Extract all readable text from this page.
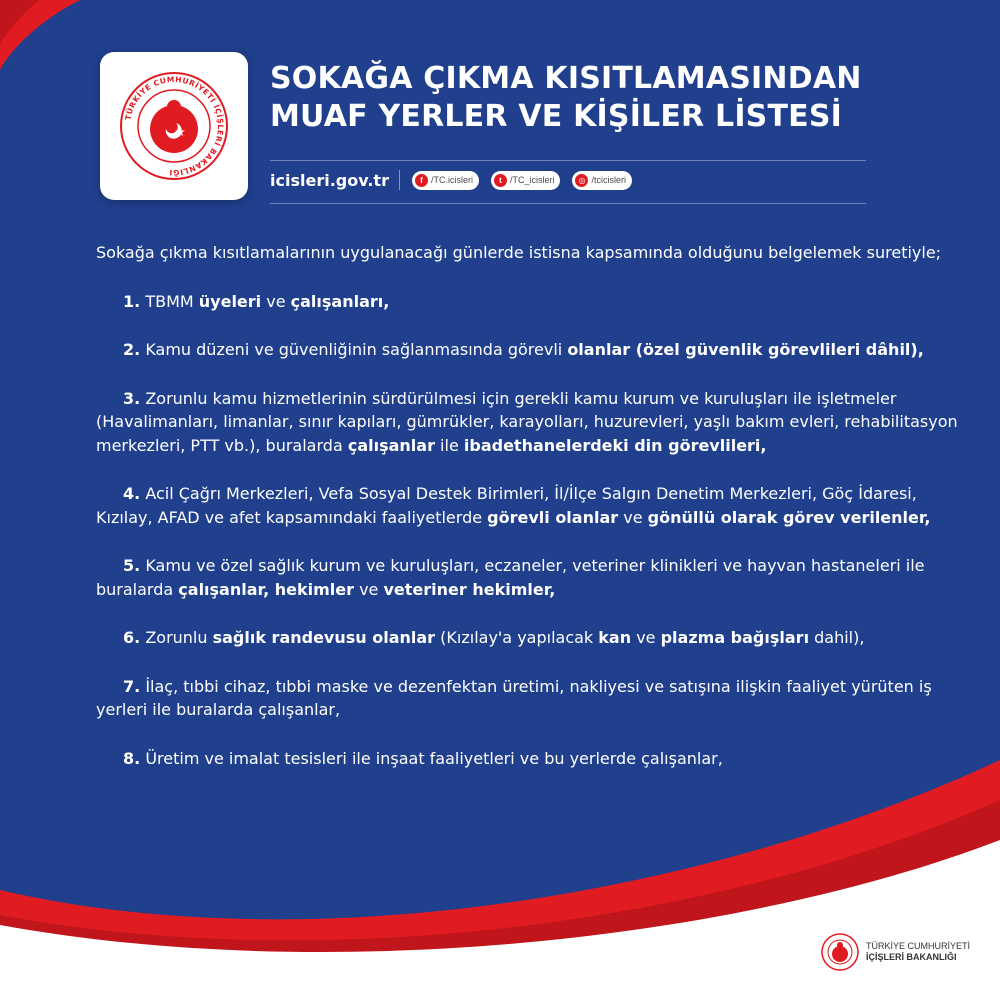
TÜRKİYE CUMHURİYETİ İÇİŞLERİ BAKANLIĞI
SOKAĞA ÇIKMA KISITLAMASINDAN
MUAF YERLER VE KİŞİLER LİSTESİ
icisleri.gov.tr	f /TC.icisleri	t /TC_icisleri	◎ /tcicisleri

Sokağa çıkma kısıtlamalarının uygulanacağı günlerde istisna kapsamında olduğunu belgelemek suretiyle;

1. TBMM üyeleri ve çalışanları,

2. Kamu düzeni ve güvenliğinin sağlanmasında görevli olanlar (özel güvenlik görevlileri dâhil),

3. Zorunlu kamu hizmetlerinin sürdürülmesi için gerekli kamu kurum ve kuruluşları ile işletmeler (Havalimanları, limanlar, sınır kapıları, gümrükler, karayolları, huzurevleri, yaşlı bakım evleri, rehabilitasyon merkezleri, PTT vb.), buralarda çalışanlar ile ibadethanelerdeki din görevlileri,

4. Acil Çağrı Merkezleri, Vefa Sosyal Destek Birimleri, İl/İlçe Salgın Denetim Merkezleri, Göç İdaresi, Kızılay, AFAD ve afet kapsamındaki faaliyetlerde görevli olanlar ve gönüllü olarak görev verilenler,

5. Kamu ve özel sağlık kurum ve kuruluşları, eczaneler, veteriner klinikleri ve hayvan hastaneleri ile buralarda çalışanlar, hekimler ve veteriner hekimler,

6. Zorunlu sağlık randevusu olanlar (Kızılay'a yapılacak kan ve plazma bağışları dahil),

7. İlaç, tıbbi cihaz, tıbbi maske ve dezenfektan üretimi, nakliyesi ve satışına ilişkin faaliyet yürüten iş yerleri ile buralarda çalışanlar,

8. Üretim ve imalat tesisleri ile inşaat faaliyetleri ve bu yerlerde çalışanlar,

TÜRKİYE CUMHURİYETİ
İÇİŞLERİ BAKANLIĞI
